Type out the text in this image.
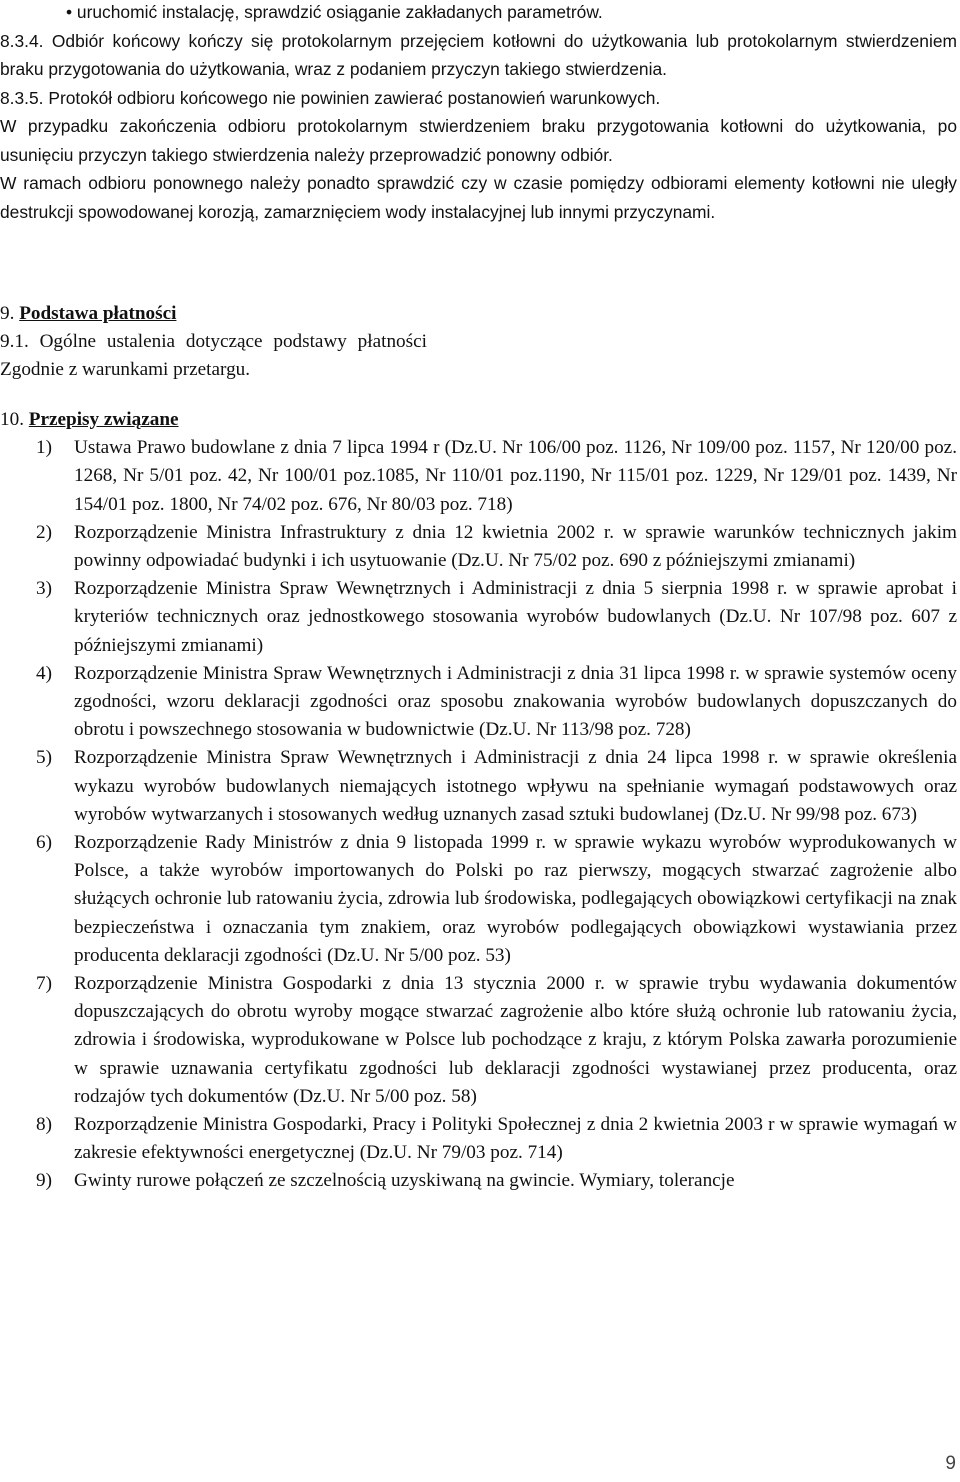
• uruchomić instalację, sprawdzić osiąganie zakładanych parametrów.

8.3.4. Odbiór końcowy kończy się protokolarnym przejęciem kotłowni do użytkowania lub protokolarnym stwierdzeniem braku przygotowania do użytkowania, wraz z podaniem przyczyn takiego stwierdzenia.

8.3.5. Protokół odbioru końcowego nie powinien zawierać postanowień warunkowych.

W przypadku zakończenia odbioru protokolarnym stwierdzeniem braku przygotowania kotłowni do użytkowania, po usunięciu przyczyn takiego stwierdzenia należy przeprowadzić ponowny odbiór.

W ramach odbioru ponownego należy ponadto sprawdzić czy w czasie pomiędzy odbiorami elementy kotłowni nie uległy destrukcji spowodowanej korozją, zamarznięciem wody instalacyjnej lub innymi przyczynami.

9. Podstawa płatności

9.1. Ogólne ustalenia dotyczące podstawy płatności

Zgodnie z warunkami przetargu.

10. Przepisy związane

1) Ustawa Prawo budowlane z dnia 7 lipca 1994 r (Dz.U. Nr 106/00 poz. 1126, Nr 109/00 poz. 1157, Nr 120/00 poz. 1268, Nr 5/01 poz. 42, Nr 100/01 poz.1085, Nr 110/01 poz.1190, Nr 115/01 poz. 1229, Nr 129/01 poz. 1439, Nr 154/01 poz. 1800, Nr 74/02 poz. 676, Nr 80/03 poz. 718)
2) Rozporządzenie Ministra Infrastruktury z dnia 12 kwietnia 2002 r. w sprawie warunków technicznych jakim powinny odpowiadać budynki i ich usytuowanie (Dz.U. Nr 75/02 poz. 690 z późniejszymi zmianami)
3) Rozporządzenie Ministra Spraw Wewnętrznych i Administracji z dnia 5 sierpnia 1998 r. w sprawie aprobat i kryteriów technicznych oraz jednostkowego stosowania wyrobów budowlanych (Dz.U. Nr 107/98 poz. 607 z późniejszymi zmianami)
4) Rozporządzenie Ministra Spraw Wewnętrznych i Administracji z dnia 31 lipca 1998 r. w sprawie systemów oceny zgodności, wzoru deklaracji zgodności oraz sposobu znakowania wyrobów budowlanych dopuszczanych do obrotu i powszechnego stosowania w budownictwie (Dz.U. Nr 113/98 poz. 728)
5) Rozporządzenie Ministra Spraw Wewnętrznych i Administracji z dnia 24 lipca 1998 r. w sprawie określenia wykazu wyrobów budowlanych niemających istotnego wpływu na spełnianie wymagań podstawowych oraz wyrobów wytwarzanych i stosowanych według uznanych zasad sztuki budowlanej (Dz.U. Nr 99/98 poz. 673)
6) Rozporządzenie Rady Ministrów z dnia 9 listopada 1999 r. w sprawie wykazu wyrobów wyprodukowanych w Polsce, a także wyrobów importowanych do Polski po raz pierwszy, mogących stwarzać zagrożenie albo służących ochronie lub ratowaniu życia, zdrowia lub środowiska, podlegających obowiązkowi certyfikacji na znak bezpieczeństwa i oznaczania tym znakiem, oraz wyrobów podlegających obowiązkowi wystawiania przez producenta deklaracji zgodności (Dz.U. Nr 5/00 poz. 53)
7) Rozporządzenie Ministra Gospodarki z dnia 13 stycznia 2000 r. w sprawie trybu wydawania dokumentów dopuszczających do obrotu wyroby mogące stwarzać zagrożenie albo które służą ochronie lub ratowaniu życia, zdrowia i środowiska, wyprodukowane w Polsce lub pochodzące z kraju, z którym Polska zawarła porozumienie w sprawie uznawania certyfikatu zgodności lub deklaracji zgodności wystawianej przez producenta, oraz rodzajów tych dokumentów (Dz.U. Nr 5/00 poz. 58)
8) Rozporządzenie Ministra Gospodarki, Pracy i Polityki Społecznej z dnia 2 kwietnia 2003 r w sprawie wymagań w zakresie efektywności energetycznej (Dz.U. Nr 79/03 poz. 714)
9) Gwinty rurowe połączeń ze szczelnością uzyskiwaną na gwincie. Wymiary, tolerancje
9
